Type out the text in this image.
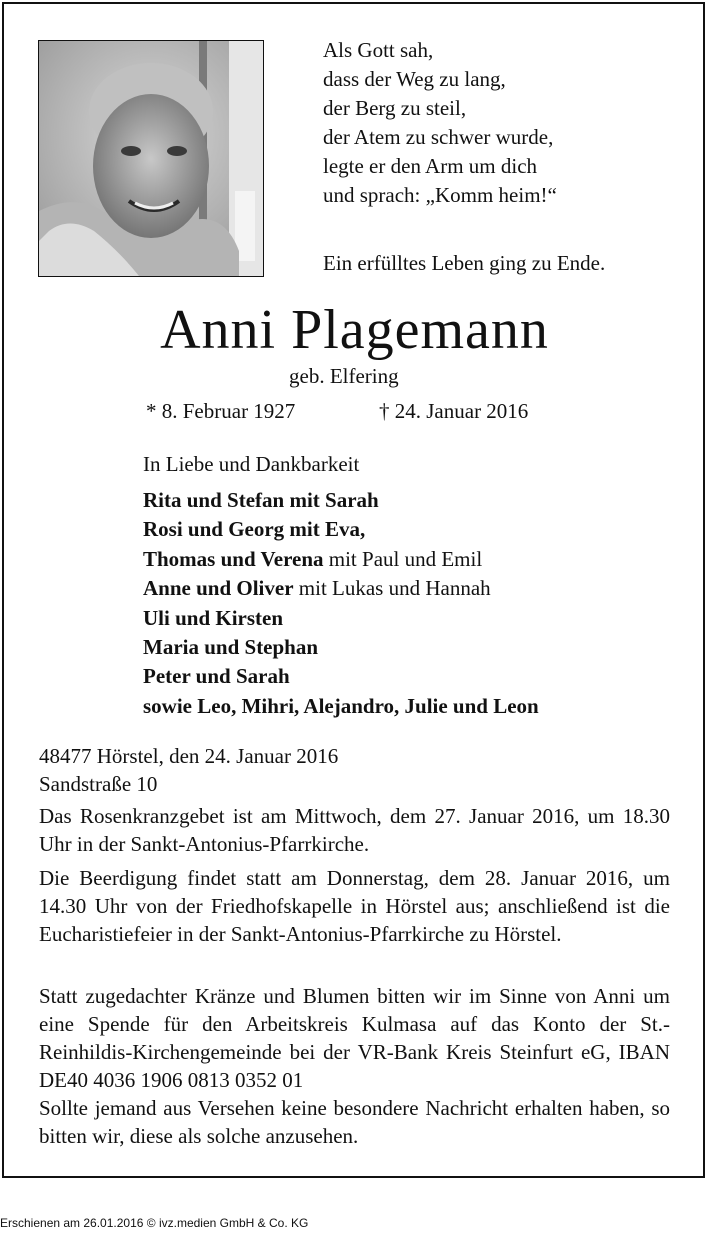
Als Gott sah,
dass der Weg zu lang,
der Berg zu steil,
der Atem zu schwer wurde,
legte er den Arm um dich
und sprach: „Komm heim!“
Ein erfülltes Leben ging zu Ende.
Anni Plagemann
geb. Elfering
* 8. Februar 1927	† 24. Januar 2016
In Liebe und Dankbarkeit
Rita und Stefan mit Sarah
Rosi und Georg mit Eva,
Thomas und Verena mit Paul und Emil
Anne und Oliver mit Lukas und Hannah
Uli und Kirsten
Maria und Stephan
Peter und Sarah
sowie Leo, Mihri, Alejandro, Julie und Leon
48477 Hörstel, den 24. Januar 2016
Sandstraße 10
Das Rosenkranzgebet ist am Mittwoch, dem 27. Januar 2016, um 18.30 Uhr in der Sankt-Antonius-Pfarrkirche.
Die Beerdigung findet statt am Donnerstag, dem 28. Januar 2016, um 14.30 Uhr von der Friedhofskapelle in Hörstel aus; anschließend ist die Eucharistiefeier in der Sankt-Antonius-Pfarrkirche zu Hörstel.
Statt zugedachter Kränze und Blumen bitten wir im Sinne von Anni um eine Spende für den Arbeitskreis Kulmasa auf das Konto der St.-Reinhildis-Kirchengemeinde bei der VR-Bank Kreis Steinfurt eG, IBAN DE40 4036 1906 0813 0352 01
Sollte jemand aus Versehen keine besondere Nachricht erhalten haben, so bitten wir, diese als solche anzusehen.
Erschienen am 26.01.2016 © ivz.medien GmbH & Co. KG
